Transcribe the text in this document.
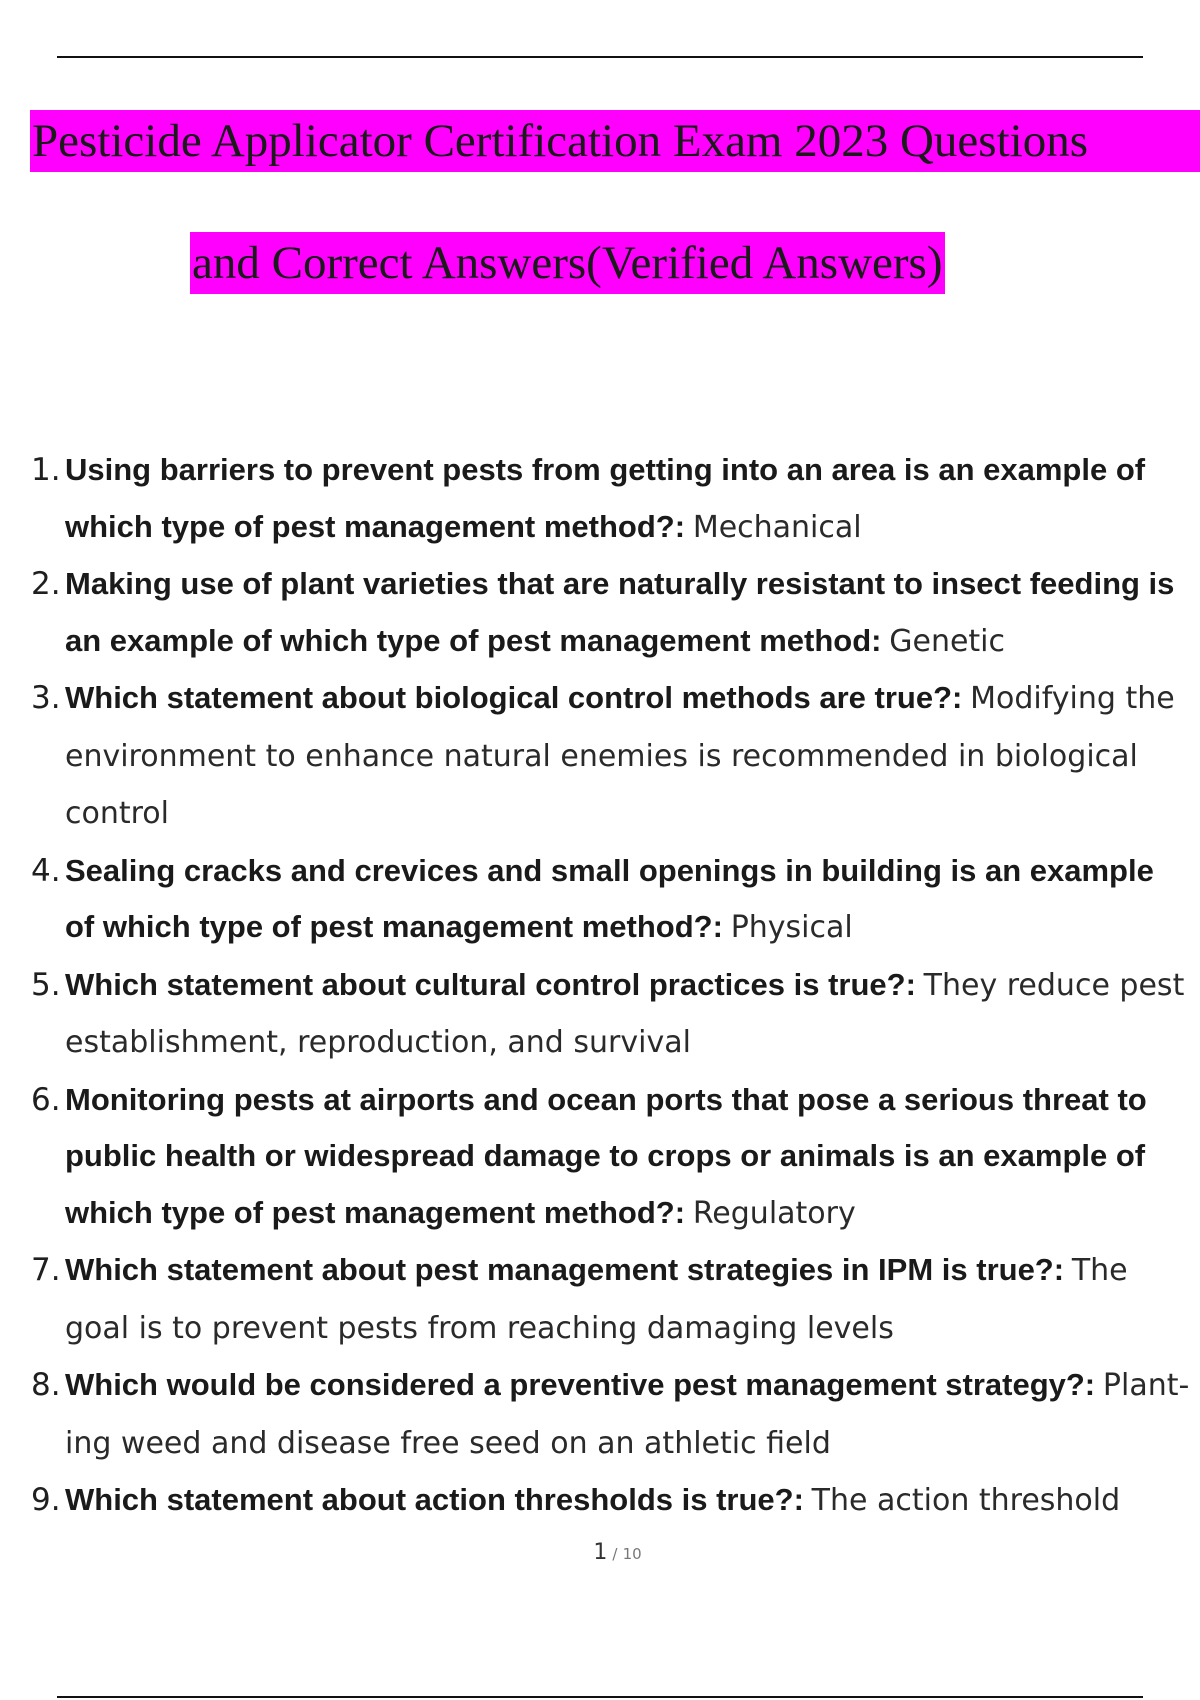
Pesticide Applicator Certification Exam 2023 Questions
and Correct Answers(Verified Answers)
1. Using barriers to prevent pests from getting into an area is an example of which type of pest management method?: Mechanical
2. Making use of plant varieties that are naturally resistant to insect feeding is an example of which type of pest management method: Genetic
3. Which statement about biological control methods are true?: Modifying the environment to enhance natural enemies is recommended in biological control
4. Sealing cracks and crevices and small openings in building is an example of which type of pest management method?: Physical
5. Which statement about cultural control practices is true?: They reduce pest establishment, reproduction, and survival
6. Monitoring pests at airports and ocean ports that pose a serious threat to public health or widespread damage to crops or animals is an example of which type of pest management method?: Regulatory
7. Which statement about pest management strategies in IPM is true?: The goal is to prevent pests from reaching damaging levels
8. Which would be considered a preventive pest management strategy?: Plant- ing weed and disease free seed on an athletic field
9. Which statement about action thresholds is true?: The action threshold
1 / 10
